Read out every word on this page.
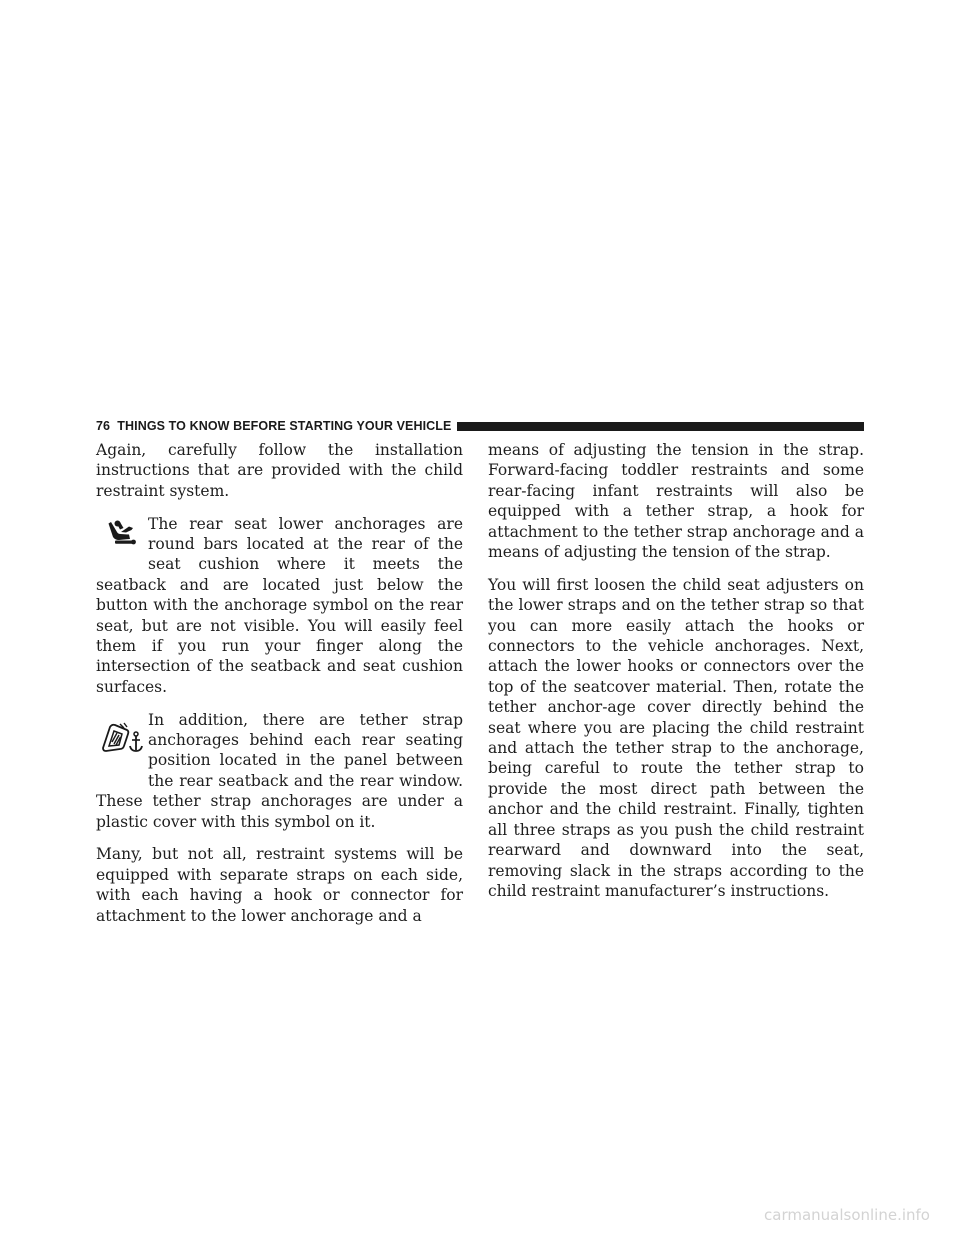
76
THINGS TO KNOW BEFORE STARTING YOUR VEHICLE

Again, carefully follow the installation instructions that are provided with the child restraint system.

The rear seat lower anchorages are round bars located at the rear of the seat cushion where it meets the seatback and are located just below the button with the anchorage symbol on the rear seat, but are not visible. You will easily feel them if you run your finger along the intersection of the seatback and seat cushion surfaces.

In addition, there are tether strap anchorages behind each rear seating position located in the panel between the rear seatback and the rear window. These tether strap anchorages are under a plastic cover with this symbol on it.

Many, but not all, restraint systems will be equipped with separate straps on each side, with each having a hook or connector for attachment to the lower anchorage and a

means of adjusting the tension in the strap. Forward-facing toddler restraints and some rear-facing infant restraints will also be equipped with a tether strap, a hook for attachment to the tether strap anchorage and a means of adjusting the tension of the strap.

You will first loosen the child seat adjusters on the lower straps and on the tether strap so that you can more easily attach the hooks or connectors to the vehicle anchorages. Next, attach the lower hooks or connectors over the top of the seatcover material. Then, rotate the tether anchor-age cover directly behind the seat where you are placing the child restraint and attach the tether strap to the anchorage, being careful to route the tether strap to provide the most direct path between the anchor and the child restraint. Finally, tighten all three straps as you push the child restraint rearward and downward into the seat, removing slack in the straps according to the child restraint manufacturer’s instructions.

carmanualsonline.info
